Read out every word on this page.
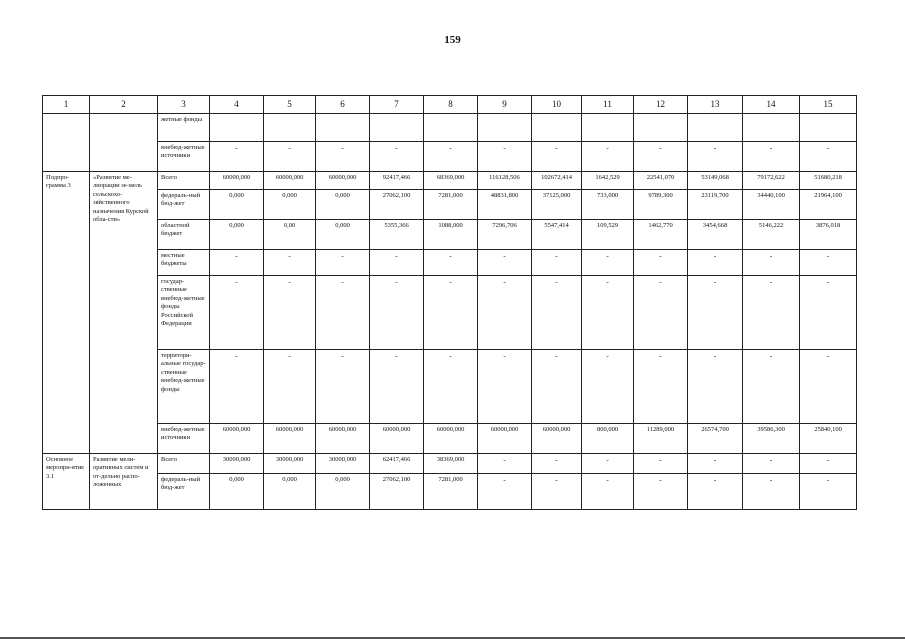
159
1	2	3	4	5	6	7	8	9	10	11	12	13	14	15
		жетные фонды												
		внебюд-жетные источники	-	-	-	-	-	-	-	-	-	-	-	-
Подпро-грамма 3	«Развитие ме-лиорации зе-мель сельскохо-зяйственного назначения Курской обла-сти»	Всего	60000,000	60000,000	60000,000	92417,466	68369,000	116128,506	102672,414	1642,529	22541,070	53149,068	79172,622	51680,218
		федераль-ный бюд-жет	0,000	0,000	0,000	27062,100	7281,000	48831,800	37125,000	733,000	9789,300	23119,700	34440,100	21964,100
		областной бюджет	0,000	0,00	0,000	5355,366	1088,000	7296,706	5547,414	109,529	1462,770	3454,668	5146,222	3876,018
		местные бюджеты	-	-	-	-	-	-	-	-	-	-	-	-
		государ-ственные внебюд-жетные фонды Российской Федерации	-	-	-	-	-	-	-	-	-	-	-	-
		территори-альные государ-ственные внебюд-жетные фонды	-	-	-	-	-	-	-	-	-	-	-	-
		внебюд-жетные источники	60000,000	60000,000	60000,000	60000,000	60000,000	60000,000	60000,000	800,000	11289,000	26574,700	39586,300	25840,100
Основное меропри-ятие 3.1	Развитие мели-оративных систем и от-дельно распо-ложенных	Всего	30000,000	30000,000	30000,000	62417,466	38369,000	-	-	-	-	-	-	-
		федераль-ный бюд-жет	0,000	0,000	0,000	27062,100	7281,000	-	-	-	-	-	-	-
